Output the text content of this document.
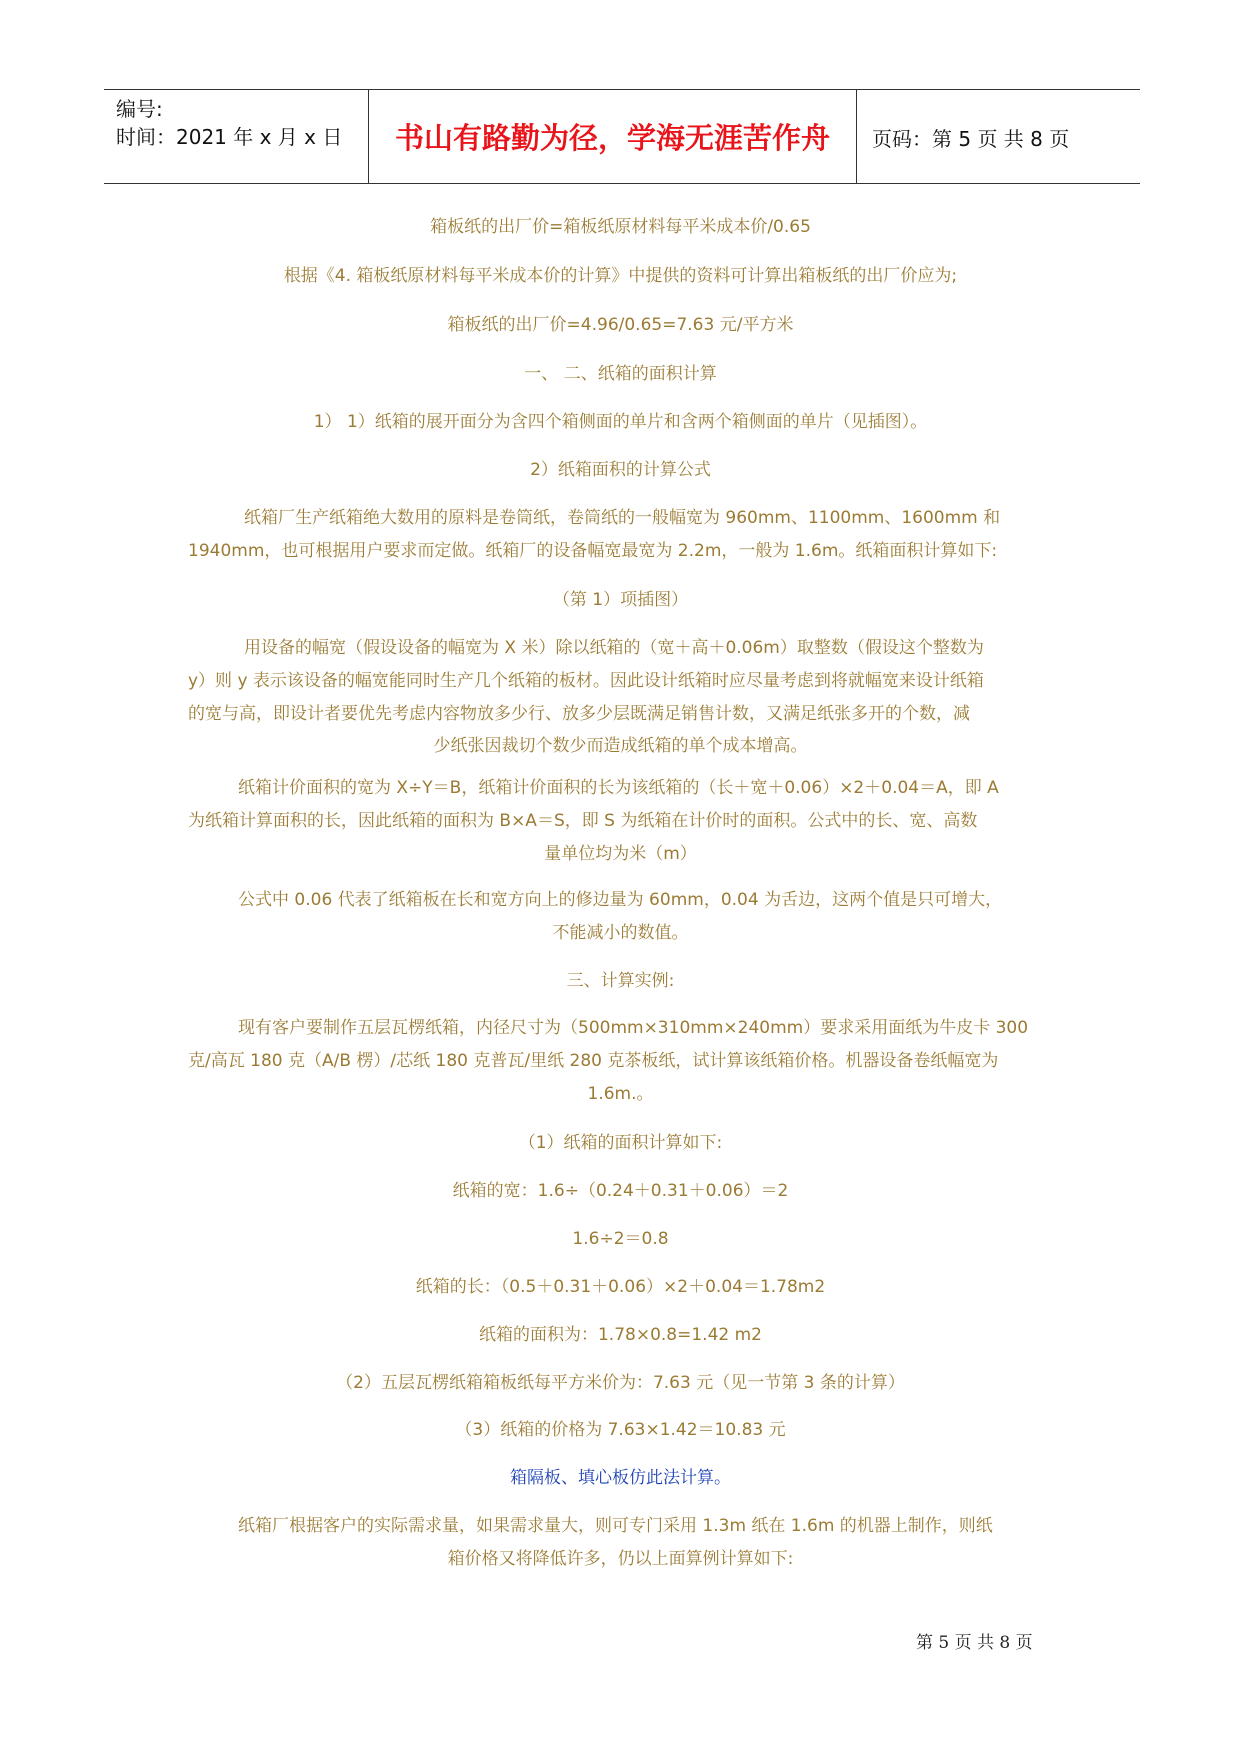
编号:
时间：2021 年 x 月 x 日	书山有路勤为径，学海无涯苦作舟	页码：第 5 页 共 8 页
箱板纸的出厂价=箱板纸原材料每平米成本价/0.65
根据《4. 箱板纸原材料每平米成本价的计算》中提供的资料可计算出箱板纸的出厂价应为;
箱板纸的出厂价=4.96/0.65=7.63 元/平方米
一、 二、纸箱的面积计算
1） 1）纸箱的展开面分为含四个箱侧面的单片和含两个箱侧面的单片（见插图）。
2）纸箱面积的计算公式
纸箱厂生产纸箱绝大数用的原料是卷筒纸，卷筒纸的一般幅宽为 960mm、1100mm、1600mm 和
1940mm，也可根据用户要求而定做。纸箱厂的设备幅宽最宽为 2.2m，一般为 1.6m。纸箱面积计算如下:
（第 1）项插图）
用设备的幅宽（假设设备的幅宽为 X 米）除以纸箱的（宽＋高＋0.06m）取整数（假设这个整数为
y）则 y 表示该设备的幅宽能同时生产几个纸箱的板材。因此设计纸箱时应尽量考虑到将就幅宽来设计纸箱
的宽与高，即设计者要优先考虑内容物放多少行、放多少层既满足销售计数，又满足纸张多开的个数，减
少纸张因裁切个数少而造成纸箱的单个成本增高。
纸箱计价面积的宽为 X÷Y＝B，纸箱计价面积的长为该纸箱的（长＋宽＋0.06）×2＋0.04＝A，即 A
为纸箱计算面积的长，因此纸箱的面积为 B×A＝S，即 S 为纸箱在计价时的面积。公式中的长、宽、高数
量单位均为米（m）
公式中 0.06 代表了纸箱板在长和宽方向上的修边量为 60mm，0.04 为舌边，这两个值是只可增大，
不能减小的数值。
三、计算实例:
现有客户要制作五层瓦楞纸箱，内径尺寸为（500mm×310mm×240mm）要求采用面纸为牛皮卡 300
克/高瓦 180 克（A/B 楞）/芯纸 180 克普瓦/里纸 280 克茶板纸，试计算该纸箱价格。机器设备卷纸幅宽为
1.6m.。
（1）纸箱的面积计算如下:
纸箱的宽：1.6÷（0.24＋0.31＋0.06）＝2
1.6÷2＝0.8
纸箱的长：（0.5＋0.31＋0.06）×2＋0.04＝1.78m2
纸箱的面积为：1.78×0.8=1.42 m2
（2）五层瓦楞纸箱箱板纸每平方米价为：7.63 元（见一节第 3 条的计算）
（3）纸箱的价格为 7.63×1.42＝10.83 元
箱隔板、填心板仿此法计算。
纸箱厂根据客户的实际需求量，如果需求量大，则可专门采用 1.3m 纸在 1.6m 的机器上制作，则纸
箱价格又将降低许多，仍以上面算例计算如下:
第 5 页 共 8 页
